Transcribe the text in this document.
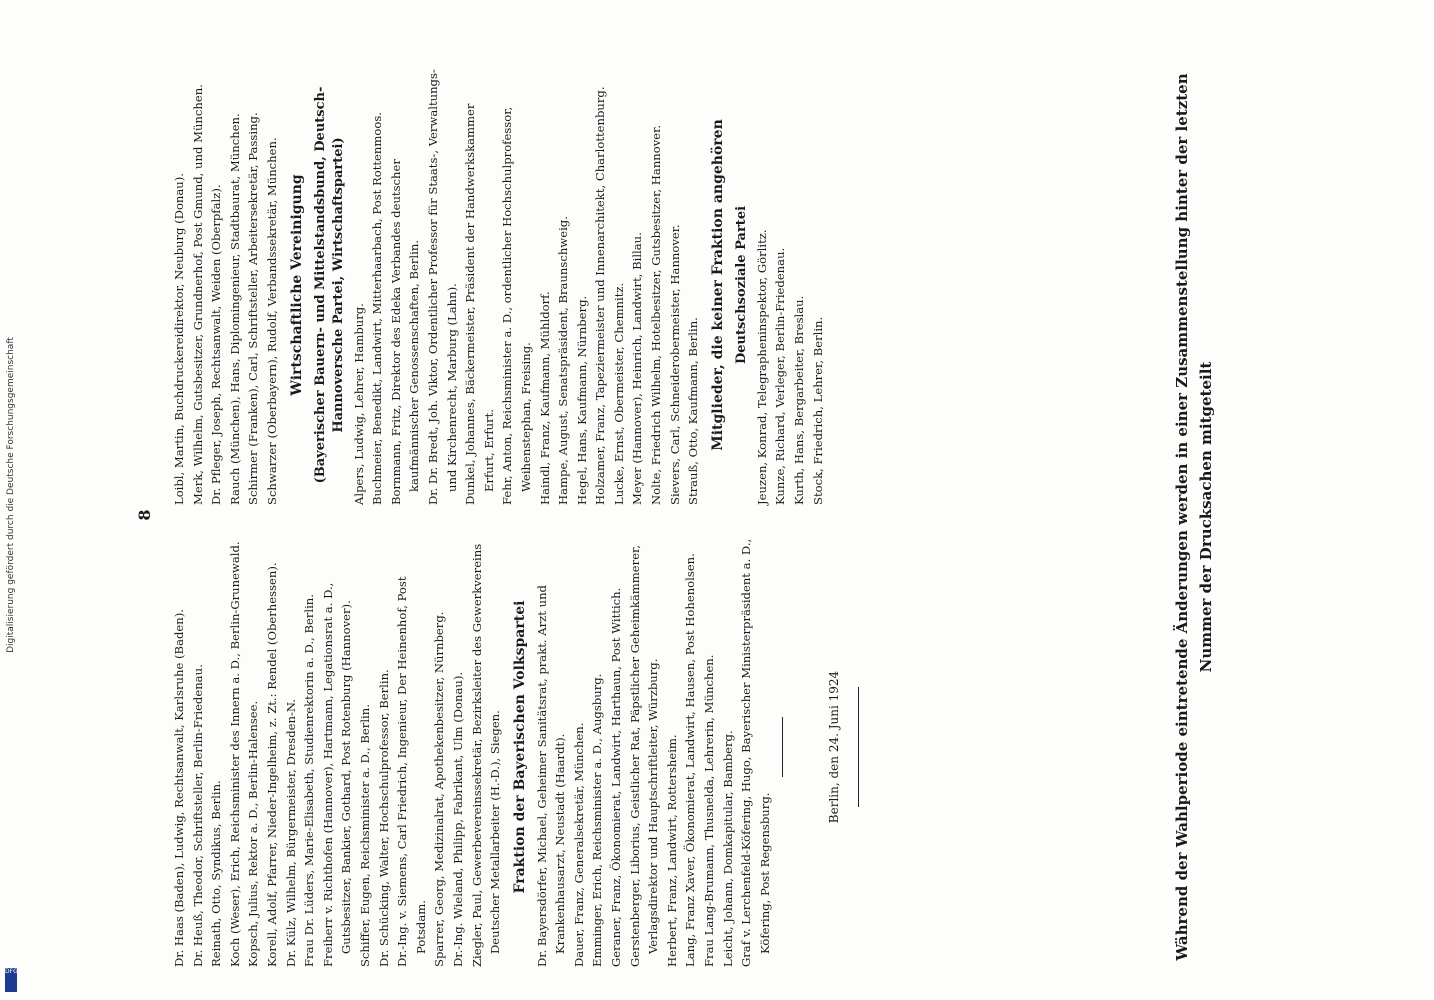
8

Dr. Haas (Baden), Ludwig, Rechtsanwalt, Karlsruhe (Baden). Dr. Heuß, Theodor, Schriftsteller, Berlin-Friedenau. Reinath, Otto, Syndikus, Berlin. Koch (Weser), Erich, Reichsminister des Innern a. D., Berlin-Grunewald. Kopsch, Julius, Rektor a. D., Berlin-Halensee. Korell, Adolf, Pfarrer, Nieder-Ingelheim, z. Zt.: Rendel (Oberhessen). Dr. Külz, Wilhelm, Bürgermeister, Dresden-N. Frau Dr. Lüders, Marie-Elisabeth, Studienrektorin a. D., Berlin. Freiherr v. Richthofen (Hannover), Hartmann, Legationsrat a. D., Gutsbesitzer, Bankier, Gothard, Post Rotenburg (Hannover). Schiffer, Eugen, Reichsminister a. D., Berlin. Dr. Schücking, Walter, Hochschulprofessor, Berlin. Dr.-Ing. v. Siemens, Carl Friedrich, Ingenieur, Der Heinenhof, Post Potsdam. Sparrer, Georg, Medizinalrat, Apothekenbesitzer, Nürnberg. Dr.-Ing. Wieland, Philipp, Fabrikant, Ulm (Donau). Ziegler, Paul, Gewerbevereinssekretär, Bezirksleiter des Gewerkvereins Deutscher Metallarbeiter (H.-D.), Siegen. Fraktion der Bayerischen Volkspartei Dr. Bayersdörfer, Michael, Geheimer Sanitätsrat, prakt. Arzt und Krankenhausarzt, Neustadt (Haardt). Dauer, Franz, Generalsekretär, München. Emminger, Erich, Reichsminister a. D., Augsburg. Geraner, Franz, Ökonomierat, Landwirt, Harthaun, Post Wittich. Gerstenberger, Liborius, Geistlicher Rat, Päpstlicher Geheimkämmerer, Verlagsdirektor und Hauptschriftleiter, Würzburg. Herbert, Franz, Landwirt, Rottersheim. Lang, Franz Xaver, Ökonomierat, Landwirt, Hausen, Post Hohenolsen. Frau Lang-Brumann, Thusnelda, Lehrerin, München. Leicht, Johann, Domkapitular, Bamberg. Graf v. Lerchenfeld-Köfering, Hugo, Bayerischer Ministerpräsident a. D., Köfering, Post Regensburg.

Berlin, den 24. Juni 1924

Loibl, Martin, Buchdruckereidirektor, Neuburg (Donau). Merk, Wilhelm, Gutsbesitzer, Grundnerhof, Post Gmund, und München. Dr. Pfleger, Joseph, Rechtsanwalt, Weiden (Oberpfalz). Rauch (München), Hans, Diplomingenieur, Stadtbaurat, München. Schirmer (Franken), Carl, Schriftsteller, Arbeitersekretär, Passing. Schwarzer (Oberbayern), Rudolf, Verbandssekretär, München. Wirtschaftliche Vereinigung (Bayerischer Bauern- und Mittelstandsbund, Deutsch-Hannoversche Partei, Wirtschaftspartei) Alpers, Ludwig, Lehrer, Hamburg. Buchmeier, Benedikt, Landwirt, Mitterhaarbach, Post Rottenmoos. Bornmann, Fritz, Direktor des Edeka Verbandes deutscher kaufmännischer Genossenschaften, Berlin. Dr. Dr. Bredt, Joh. Viktor, Ordentlicher Professor für Staats-, Verwaltungs- und Kirchenrecht, Marburg (Lahn). Dunkel, Johannes, Bäckermeister, Präsident der Handwerkskammer Erfurt, Erfurt. Fehr, Anton, Reichsminister a. D., ordentlicher Hochschulprofessor, Weihenstephan, Freising. Haindl, Franz, Kaufmann, Mühldorf. Hampe, August, Senatspräsident, Braunschweig. Hegel, Hans, Kaufmann, Nürnberg. Holzamer, Franz, Tapeziermeister und Innenarchitekt, Charlottenburg. Lucke, Ernst, Obermeister, Chemnitz. Meyer (Hannover), Heinrich, Landwirt, Billau. Nolte, Friedrich Wilhelm, Hotelbesitzer, Gutsbesitzer, Hannover. Sievers, Carl, Schneiderobermeister, Hannover. Strauß, Otto, Kaufmann, Berlin. Mitglieder, die keiner Fraktion angehören Deutschsoziale Partei Jeuzen, Konrad, Telegrapheninspektor, Görlitz. Kunze, Richard, Verleger, Berlin-Friedenau. Kurth, Hans, Bergarbeiter, Breslau. Stock, Friedrich, Lehrer, Berlin.	Während der Wahlperiode eintretende Änderungen werden in einer Zusammenstellung hinter der letzten Nummer der Drucksachen mitgeteilt
Digitalisierung gefördert durch die Deutsche Forschungsgemeinschaft
DFG
